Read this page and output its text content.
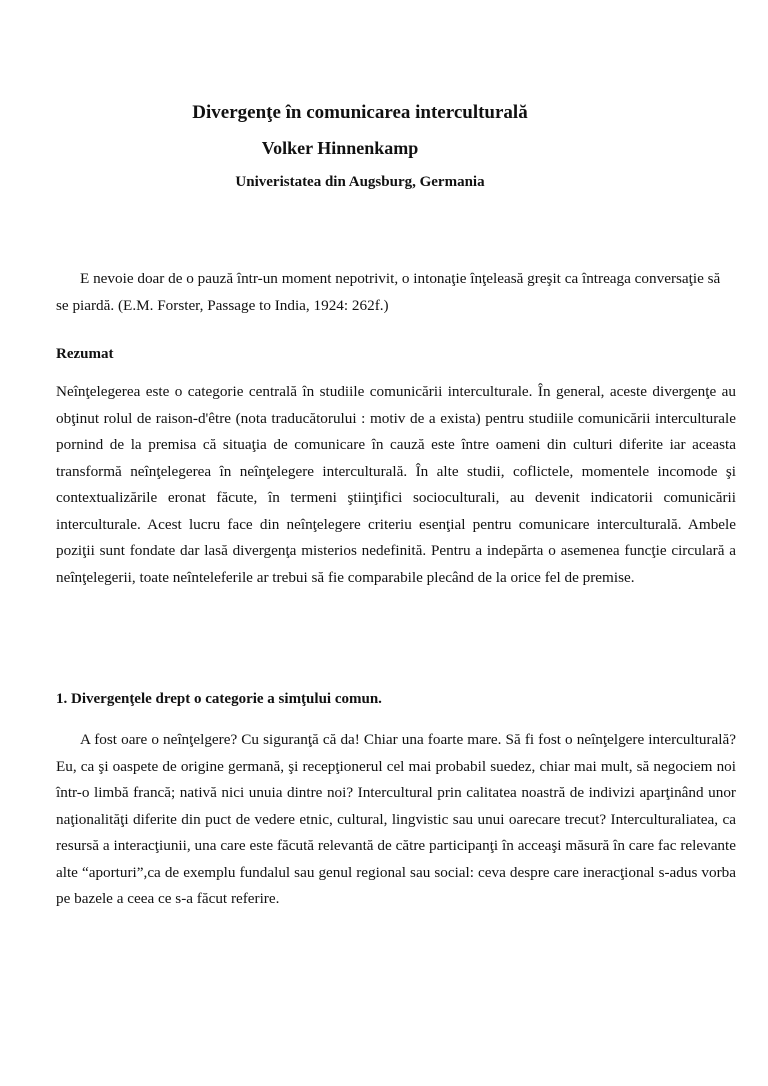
Divergenţe în comunicarea interculturală
Volker Hinnenkamp
Univeristatea din Augsburg, Germania

E nevoie doar de o pauză într-un moment nepotrivit, o intonaţie înţeleasă greşit ca întreaga conversaţie să se piardă. (E.M. Forster, Passage to India, 1924: 262f.)

Rezumat

Neînţelegerea este o categorie centrală în studiile comunicării interculturale. În general, aceste divergenţe au obţinut rolul de raison-d'être (nota traducătorului : motiv de a exista) pentru studiile comunicării interculturale pornind de la premisa că situaţia de comunicare în cauză este între oameni din culturi diferite iar aceasta transformă neînţelegerea în neînţelegere interculturală. În alte studii, coflictele, momentele incomode şi contextualizările eronat făcute, în termeni ştiinţifici socioculturali, au devenit indicatorii comunicării interculturale. Acest lucru face din neînţelegere criteriu esenţial pentru comunicare interculturală. Ambele poziţii sunt fondate dar lasă divergenţa misterios nedefinită. Pentru a indepărta o asemenea funcţie circulară a neînţelegerii, toate neînteleferile ar trebui să fie comparabile plecând de la orice fel de premise.

1. Divergenţele drept o categorie a simţului comun.

A fost oare o neînţelgere? Cu siguranţă că da! Chiar una foarte mare. Să fi fost o neînţelgere interculturală? Eu, ca şi oaspete de origine germană, şi recepţionerul cel mai probabil suedez, chiar mai mult, să negociem noi într-o limbă francă; nativă nici unuia dintre noi? Intercultural prin calitatea noastră de indivizi aparţinând unor naţionalităţi diferite din puct de vedere etnic, cultural, lingvistic sau unui oarecare trecut? Interculturaliatea, ca resursă a interacţiunii, una care este făcută relevantă de către participanţi în acceaşi măsură în care fac relevante alte “aporturi”,ca de exemplu fundalul sau genul regional sau social: ceva despre care ineracţional s-adus vorba pe bazele a ceea ce s-a făcut referire.
